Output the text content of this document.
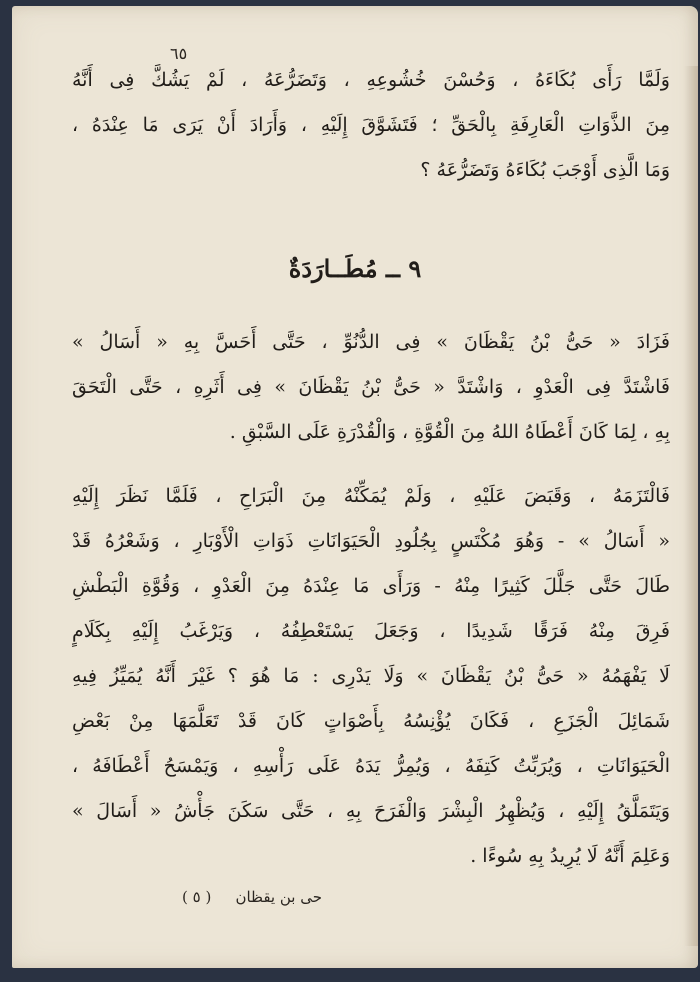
٦٥
وَلَمَّا رَأَى بُكَاءَهُ ، وَحُسْنَ خُشُوعِهِ ، وَتَضَرُّعَهُ ، لَمْ يَشُكَّ فِى أَنَّهُ
مِنَ الذَّوَاتِ الْعَارِفَةِ بِالْحَقِّ ؛ فَتَشَوَّقَ إِلَيْهِ ، وَأَرَادَ أَنْ يَرَى مَا عِنْدَهُ ،
وَمَا الَّذِى أَوْجَبَ بُكَاءَهُ وَتَضَرُّعَهُ ؟
٩ ــ مُطَــارَدَةٌ
فَزَادَ « حَىُّ بْنُ يَقْظَانَ » فِى الدُّنُوِّ ، حَتَّى أَحَسَّ بِهِ « أَسَالُ »
فَاشْتَدَّ فِى الْعَدْوِ ، وَاشْتَدَّ « حَىُّ بْنُ يَقْظَانَ » فِى أَثَرِهِ ، حَتَّى الْتَحَقَ
بِهِ ، لِمَا كَانَ أَعْطَاهُ اللهُ مِنَ الْقُوَّةِ ، وَالْقُدْرَةِ عَلَى السَّبْقِ .
فَالْتَزَمَهُ ، وَقَبَضَ عَلَيْهِ ، وَلَمْ يُمَكِّنْهُ مِنَ الْبَرَاحِ ، فَلَمَّا نَظَرَ إِلَيْهِ
« أَسَالُ » - وَهُوَ مُكْتَسٍ بِجُلُودِ الْحَيَوَانَاتِ ذَوَاتِ الْأَوْبَارِ ، وَشَعْرُهُ قَدْ
طَالَ حَتَّى جَلَّلَ كَثِيرًا مِنْهُ - وَرَأَى مَا عِنْدَهُ مِنَ الْعَدْوِ ، وَقُوَّةِ الْبَطْشِ
فَرِقَ مِنْهُ فَرَقًا شَدِيدًا ، وَجَعَلَ يَسْتَعْطِفُهُ ، وَيَرْغَبُ إِلَيْهِ بِكَلَامٍ
لَا يَفْهَمُهُ « حَىُّ بْنُ يَقْظَانَ » وَلَا يَدْرِى : مَا هُوَ ؟ غَيْرَ أَنَّهُ يُمَيِّزُ فِيهِ
شَمَائِلَ الْجَزَعِ ، فَكَانَ يُؤْنِسُهُ بِأَصْوَاتٍ كَانَ قَدْ تَعَلَّمَهَا مِنْ بَعْضِ
الْحَيَوَانَاتِ ، وَيُرَبِّتُ كَتِفَهُ ، وَيُمِرُّ يَدَهُ عَلَى رَأْسِهِ ، وَيَمْسَحُ أَعْطَافَهُ ،
وَيَتَمَلَّقُ إِلَيْهِ ، وَيُظْهِرُ الْبِشْرَ وَالْفَرَحَ بِهِ ، حَتَّى سَكَنَ جَأْشُ « أَسَالَ »
وَعَلِمَ أَنَّهُ لَا يُرِيدُ بِهِ سُوءًا .
حى بن يقظان
( ٥ )
